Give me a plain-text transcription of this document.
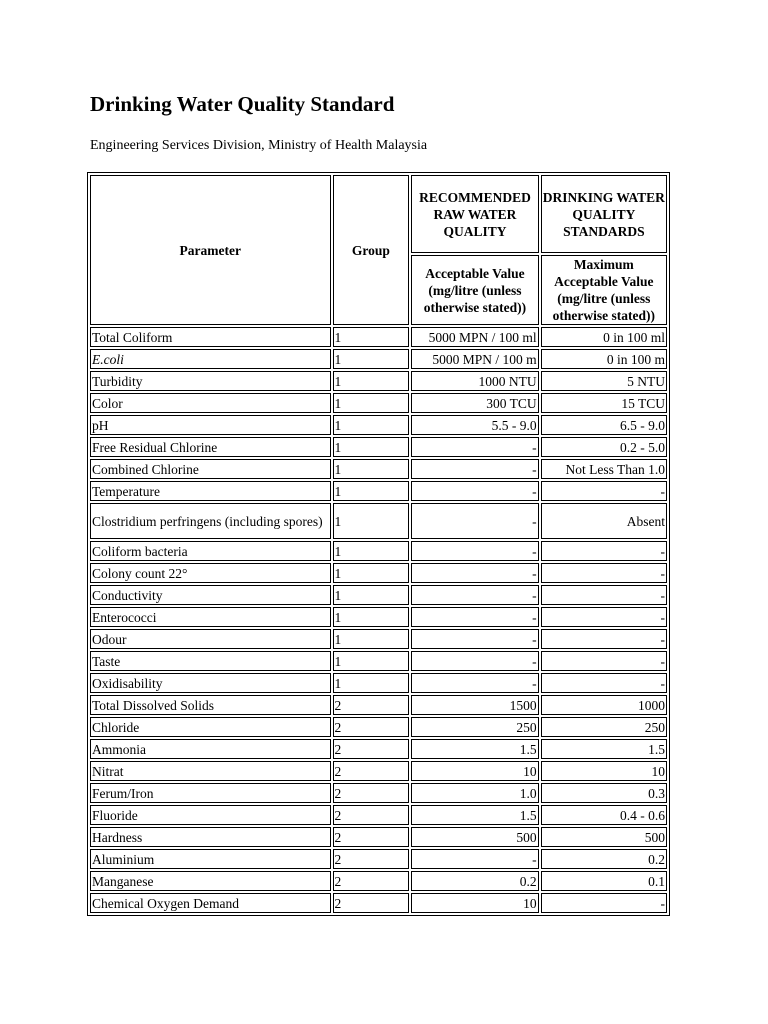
Drinking Water Quality Standard

Engineering Services Division, Ministry of Health Malaysia

Parameter	Group	RECOMMENDED RAW WATER QUALITY	DRINKING WATER QUALITY STANDARDS
		Acceptable Value (mg/litre (unless otherwise stated))	Maximum Acceptable Value (mg/litre (unless otherwise stated))
Total Coliform	1	5000 MPN / 100 ml	0 in 100 ml
E.coli	1	5000 MPN / 100 m	0 in 100 m
Turbidity	1	1000 NTU	5 NTU
Color	1	300 TCU	15 TCU
pH	1	5.5 - 9.0	6.5 - 9.0
Free Residual Chlorine	1	-	0.2 - 5.0
Combined Chlorine	1	-	Not Less Than 1.0
Temperature	1	-	-
Clostridium perfringens (including spores)	1	-	Absent
Coliform bacteria	1	-	-
Colony count 22°	1	-	-
Conductivity	1	-	-
Enterococci	1	-	-
Odour	1	-	-
Taste	1	-	-
Oxidisability	1	-	-
Total Dissolved Solids	2	1500	1000
Chloride	2	250	250
Ammonia	2	1.5	1.5
Nitrat	2	10	10
Ferum/Iron	2	1.0	0.3
Fluoride	2	1.5	0.4 - 0.6
Hardness	2	500	500
Aluminium	2	-	0.2
Manganese	2	0.2	0.1
Chemical Oxygen Demand	2	10	-
